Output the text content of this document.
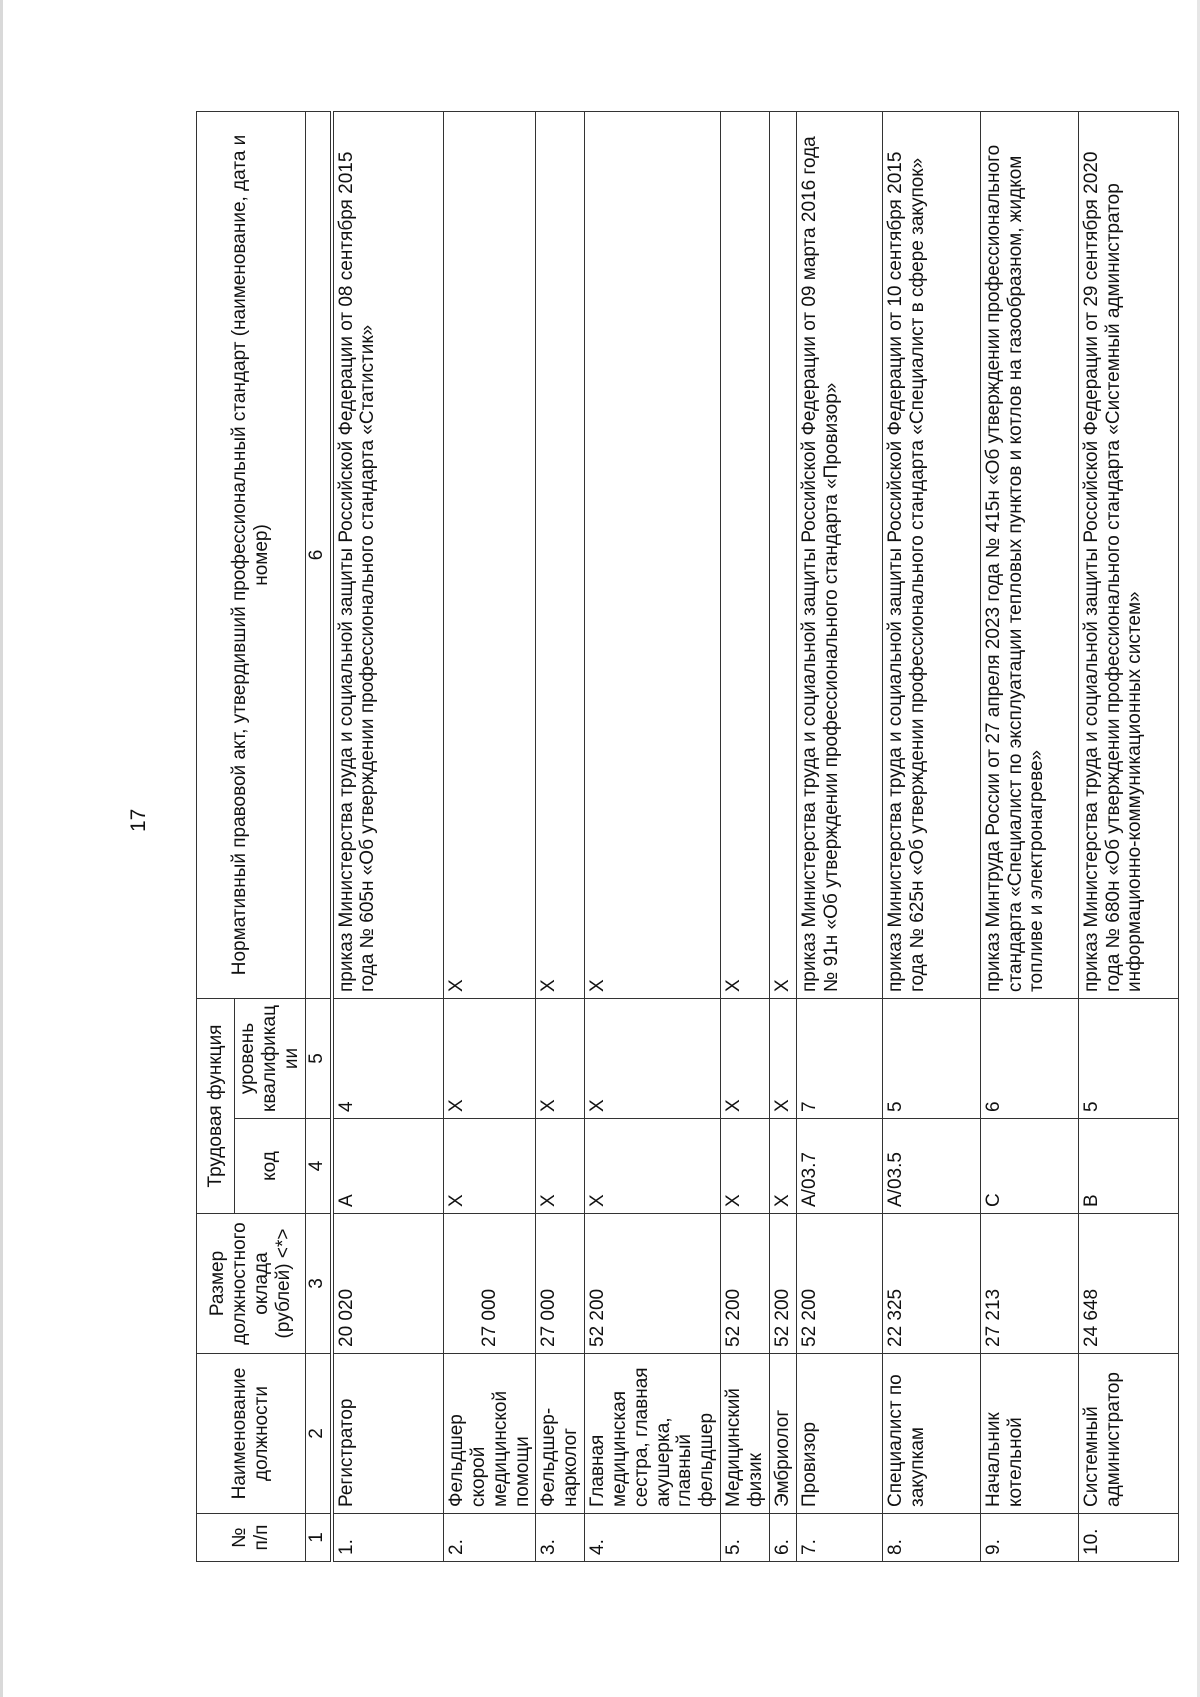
17
№ п/п	Наименование должности	Размер должностного оклада (рублей) <*>	Трудовая функция		Нормативный правовой акт, утвердивший профессиональный стандарт (наименование, дата и номер)
			код	уровень квалификации	
1	2	3	4	5	6
1.	Регистратор	20 020	A	4	приказ Министерства труда и социальной защиты Российской Федерации от 08 сентября 2015 года № 605н «Об утверждении профессионального стандарта «Статистик»
2.	Фельдшер скорой медицинской помощи	27 000	X	X	X
3.	Фельдшер-нарколог	27 000	X	X	X
4.	Главная медицинская сестра, главная акушерка, главный фельдшер	52 200	X	X	X
5.	Медицинский физик	52 200	X	X	X
6.	Эмбриолог	52 200	X	X	X
7.	Провизор	52 200	A/03.7	7	приказ Министерства труда и социальной защиты Российской Федерации от 09 марта 2016 года № 91н «Об утверждении профессионального стандарта «Провизор»
8.	Специалист по закупкам	22 325	A/03.5	5	приказ Министерства труда и социальной защиты Российской Федерации от 10 сентября 2015 года № 625н «Об утверждении профессионального стандарта «Специалист в сфере закупок»
9.	Начальник котельной	27 213	C	6	приказ Минтруда России от 27 апреля 2023 года № 415н «Об утверждении профессионального стандарта «Специалист по эксплуатации тепловых пунктов и котлов на газообразном, жидком топливе и электронагреве»
10.	Системный администратор	24 648	B	5	приказ Министерства труда и социальной защиты Российской Федерации от 29 сентября 2020 года № 680н «Об утверждении профессионального стандарта «Системный администратор информационно-коммуникационных систем»
